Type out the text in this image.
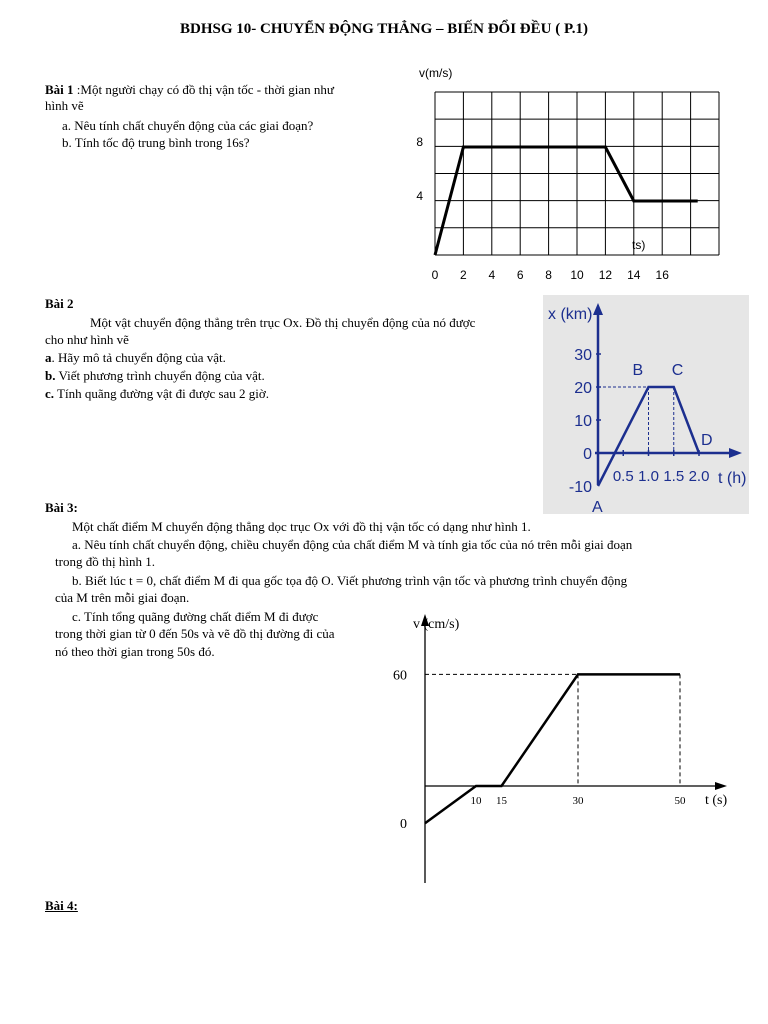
BDHSG 10- CHUYỂN ĐỘNG THẲNG – BIẾN ĐỔI ĐỀU ( P.1)
Bài 1 :Một người chạy có đồ thị vận tốc - thời gian như
hình vẽ
a. Nêu tính chất chuyển động của các giai đoạn?
b. Tính tốc độ trung bình trong 16s?
v(m/s)
0 2 4 6 8 10 12 14 16
4
8
ts)
Bài 2
Một vật chuyển động thẳng trên trục Ox. Đồ thị chuyển động của nó được
cho như hình vẽ
a. Hãy mô tả chuyển động của vật.
b. Viết phương trình chuyển động của vật.
c. Tính quãng đường vật đi được sau 2 giờ.
x (km)
30
20
10
0
-10
0.5 1.0 1.5 2.0 t (h)
A
B C
D
Bài 3:
Một chất điểm M chuyển động thẳng dọc trục Ox với đồ thị vận tốc có dạng như hình 1.
a. Nêu tính chất chuyển động, chiều chuyển động của chất điểm M và tính gia tốc của nó trên mỗi giai đoạn
trong đồ thị hình 1.
b. Biết lúc t = 0, chất điểm M đi qua gốc tọa độ O. Viết phương trình vận tốc và phương trình chuyển động
của M trên mỗi giai đoạn.
c. Tính tổng quãng đường chất điểm M đi được
trong thời gian từ 0 đến 50s và vẽ đồ thị đường đi của
nó theo thời gian trong 50s đó.
v (cm/s)
t (s)
10 15	30	50
60
0
Bài 4:
